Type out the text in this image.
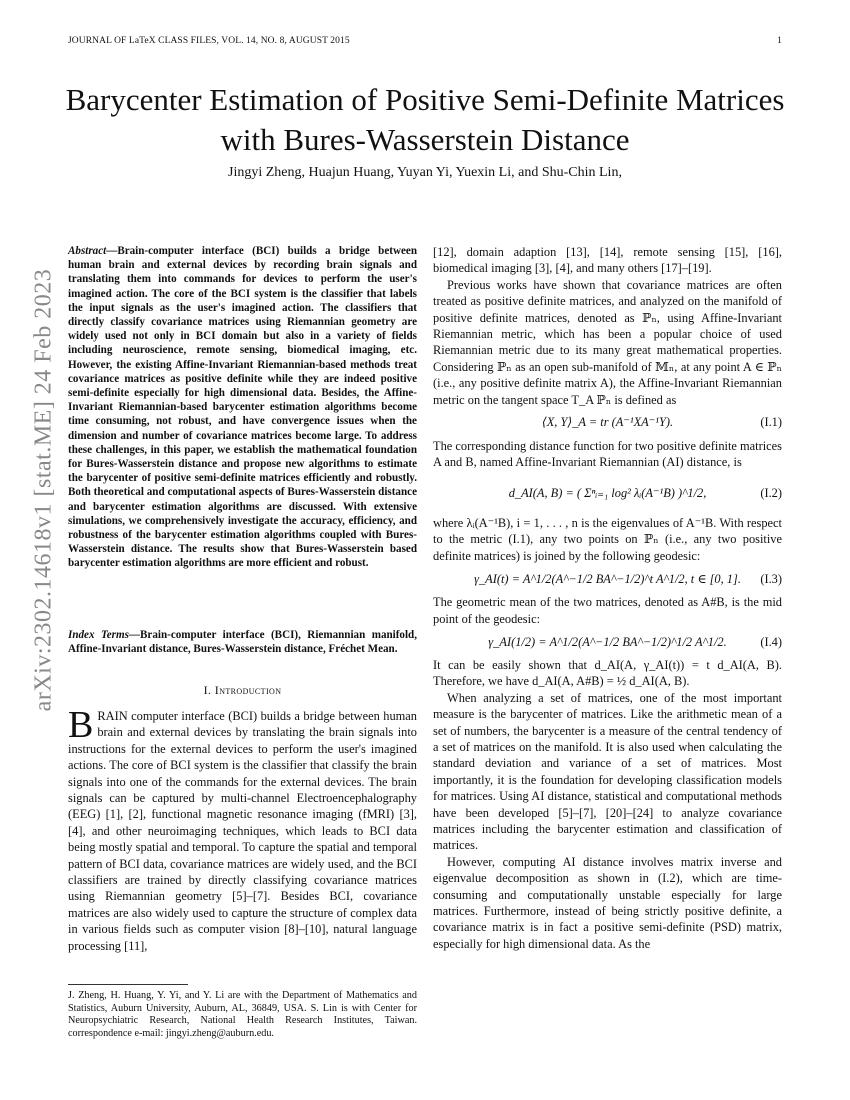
JOURNAL OF LaTeX CLASS FILES, VOL. 14, NO. 8, AUGUST 2015	1
arXiv:2302.14618v1 [stat.ME] 24 Feb 2023
Barycenter Estimation of Positive Semi-Definite Matrices with Bures-Wasserstein Distance
Jingyi Zheng, Huajun Huang, Yuyan Yi, Yuexin Li, and Shu-Chin Lin,
Abstract—Brain-computer interface (BCI) builds a bridge between human brain and external devices by recording brain signals and translating them into commands for devices to perform the user's imagined action. The core of the BCI system is the classifier that labels the input signals as the user's imagined action. The classifiers that directly classify covariance matrices using Riemannian geometry are widely used not only in BCI domain but also in a variety of fields including neuroscience, remote sensing, biomedical imaging, etc. However, the existing Affine-Invariant Riemannian-based methods treat covariance matrices as positive definite while they are indeed positive semi-definite especially for high dimensional data. Besides, the Affine-Invariant Riemannian-based barycenter estimation algorithms become time consuming, not robust, and have convergence issues when the dimension and number of covariance matrices become large. To address these challenges, in this paper, we establish the mathematical foundation for Bures-Wasserstein distance and propose new algorithms to estimate the barycenter of positive semi-definite matrices efficiently and robustly. Both theoretical and computational aspects of Bures-Wasserstein distance and barycenter estimation algorithms are discussed. With extensive simulations, we comprehensively investigate the accuracy, efficiency, and robustness of the barycenter estimation algorithms coupled with Bures-Wasserstein distance. The results show that Bures-Wasserstein based barycenter estimation algorithms are more efficient and robust.
Index Terms—Brain-computer interface (BCI), Riemannian manifold, Affine-Invariant distance, Bures-Wasserstein distance, Fréchet Mean.
I. Introduction
BRAIN computer interface (BCI) builds a bridge between human brain and external devices by translating the brain signals into instructions for the external devices to perform the user's imagined actions. The core of BCI system is the classifier that classify the brain signals into one of the commands for the external devices. The brain signals can be captured by multi-channel Electroencephalography (EEG) [1], [2], functional magnetic resonance imaging (fMRI) [3], [4], and other neuroimaging techniques, which leads to BCI data being mostly spatial and temporal. To capture the spatial and temporal pattern of BCI data, covariance matrices are widely used, and the BCI classifiers are trained by directly classifying covariance matrices using Riemannian geometry [5]–[7]. Besides BCI, covariance matrices are also widely used to capture the structure of complex data in various fields such as computer vision [8]–[10], natural language processing [11],
J. Zheng, H. Huang, Y. Yi, and Y. Li are with the Department of Mathematics and Statistics, Auburn University, Auburn, AL, 36849, USA. S. Lin is with Center for Neuropsychiatric Research, National Health Research Institutes, Taiwan. correspondence e-mail: jingyi.zheng@auburn.edu.

[12], domain adaption [13], [14], remote sensing [15], [16], biomedical imaging [3], [4], and many others [17]–[19].

Previous works have shown that covariance matrices are often treated as positive definite matrices, and analyzed on the manifold of positive definite matrices, denoted as ℙₙ, using Affine-Invariant Riemannian metric, which has been a popular choice of used Riemannian metric due to its many great mathematical properties. Considering ℙₙ as an open sub-manifold of 𝕄ₙ, at any point A ∈ ℙₙ (i.e., any positive definite matrix A), the Affine-Invariant Riemannian metric on the tangent space T_A ℙₙ is defined as

⟨X, Y⟩_A = tr (A⁻¹XA⁻¹Y).	(I.1)

The corresponding distance function for two positive definite matrices A and B, named Affine-Invariant Riemannian (AI) distance, is

d_AI(A, B) = ( Σⁿᵢ₌₁ log² λᵢ(A⁻¹B) )^1/2,	(I.2)

where λᵢ(A⁻¹B), i = 1, . . . , n is the eigenvalues of A⁻¹B. With respect to the metric (I.1), any two points on ℙₙ (i.e., any two positive definite matrices) is joined by the following geodesic:

γ_AI(t) = A^1/2(A^−1/2 BA^−1/2)^t A^1/2, t ∈ [0, 1]. (I.3)

The geometric mean of the two matrices, denoted as A#B, is the mid point of the geodesic:

γ_AI(1/2) = A^1/2(A^−1/2 BA^−1/2)^1/2 A^1/2.	(I.4)

It can be easily shown that d_AI(A, γ_AI(t)) = t d_AI(A, B). Therefore, we have d_AI(A, A#B) = ½ d_AI(A, B).

When analyzing a set of matrices, one of the most important measure is the barycenter of matrices. Like the arithmetic mean of a set of numbers, the barycenter is a measure of the central tendency of a set of matrices on the manifold. It is also used when calculating the standard deviation and variance of a set of matrices. Most importantly, it is the foundation for developing classification models for matrices. Using AI distance, statistical and computational methods have been developed [5]–[7], [20]–[24] to analyze covariance matrices including the barycenter estimation and classification of matrices.

However, computing AI distance involves matrix inverse and eigenvalue decomposition as shown in (I.2), which are time-consuming and computationally unstable especially for large matrices. Furthermore, instead of being strictly positive definite, a covariance matrix is in fact a positive semi-definite (PSD) matrix, especially for high dimensional data. As the
